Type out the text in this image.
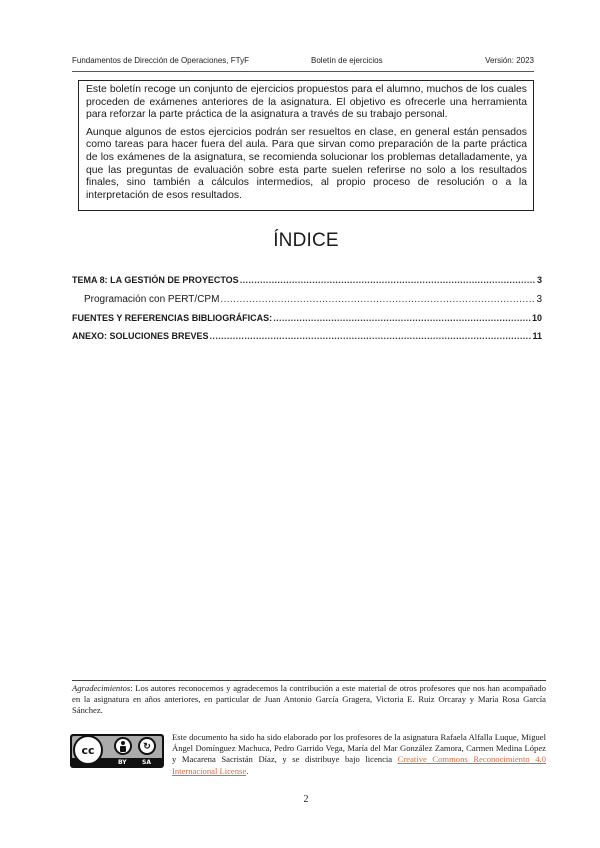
Fundamentos de Dirección de Operaciones, FTyF	Boletín de ejercicios	Versión: 2023

Este boletín recoge un conjunto de ejercicios propuestos para el alumno, muchos de los cuales proceden de exámenes anteriores de la asignatura. El objetivo es ofrecerle una herramienta para reforzar la parte práctica de la asignatura a través de su trabajo personal.

Aunque algunos de estos ejercicios podrán ser resueltos en clase, en general están pensados como tareas para hacer fuera del aula. Para que sirvan como preparación de la parte práctica de los exámenes de la asignatura, se recomienda solucionar los problemas detalladamente, ya que las preguntas de evaluación sobre esta parte suelen referirse no solo a los resultados finales, sino también a cálculos intermedios, al propio proceso de resolución o a la interpretación de esos resultados.

ÍNDICE
TEMA 8: LA GESTIÓN DE PROYECTOS .....	3
Programación con PERT/CPM .....	3
FUENTES Y REFERENCIAS BIBLIOGRÁFICAS: .....	10
ANEXO: SOLUCIONES BREVES .....	11
Agradecimientos: Los autores reconocemos y agradecemos la contribución a este material de otros profesores que nos han acompañado en la asignatura en años anteriores, en particular de Juan Antonio García Gragera, Victoria E. Ruiz Orcaray y María Rosa García Sánchez.
cc	↻
BY	SA
Este documento ha sido ha sido elaborado por los profesores de la asignatura Rafaela Alfalla Luque, Miguel Ángel Domínguez Machuca, Pedro Garrido Vega, María del Mar González Zamora, Carmen Medina López y Macarena Sacristán Díaz, y se distribuye bajo licencia Creative Commons Reconocimiento 4.0 Internacional License.
2
